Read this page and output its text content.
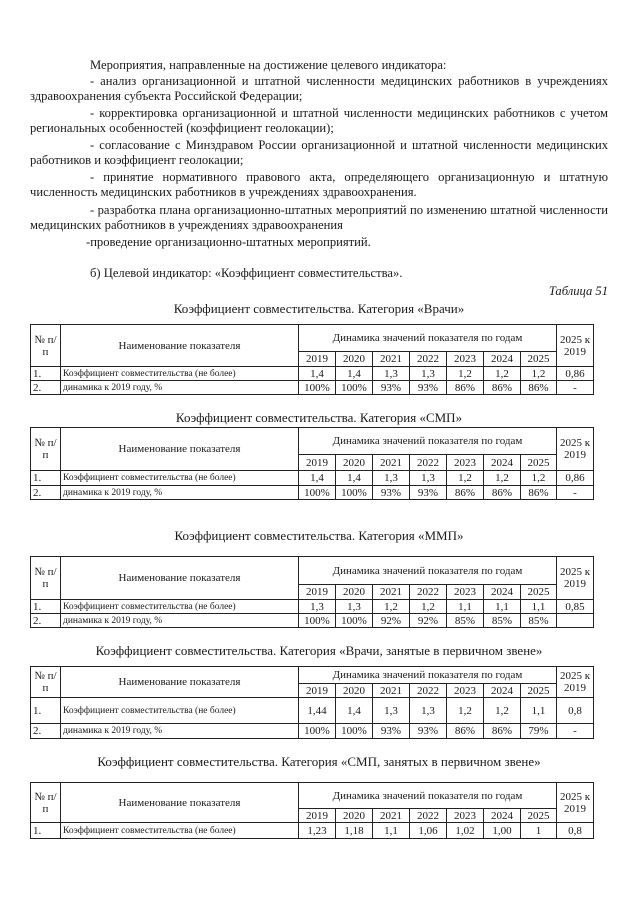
Мероприятия, направленные на достижение целевого индикатора:

- анализ организационной и штатной численности медицинских работников в учреждениях здравоохранения субъекта Российской Федерации;

- корректировка организационной и штатной численности медицинских работников с учетом региональных особенностей (коэффициент геолокации);

- согласование с Минздравом России организационной и штатной численности медицинских работников и коэффициент геолокации;

- принятие нормативного правового акта, определяющего организационную и штатную численность медицинских работников в учреждениях здравоохранения.

- разработка плана организационно-штатных мероприятий по изменению штатной численности медицинских работников в учреждениях здравоохранения

-проведение организационно-штатных мероприятий.

б) Целевой индикатор: «Коэффициент совместительства».

Таблица 51

Коэффициент совместительства. Категория «Врачи»

№ п/п	Наименование показателя	Динамика значений показателя по годам							2025 к 2019
		2019	2020	2021	2022	2023	2024	2025	
1.	Коэффициент совместительства (не более)	1,4	1,4	1,3	1,3	1,2	1,2	1,2	0,86
2.	динамика к 2019 году, %	100%	100%	93%	93%	86%	86%	86%	-

Коэффициент совместительства. Категория «СМП»

№ п/п	Наименование показателя	Динамика значений показателя по годам							2025 к 2019
		2019	2020	2021	2022	2023	2024	2025	
1.	Коэффициент совместительства (не более)	1,4	1,4	1,3	1,3	1,2	1,2	1,2	0,86
2.	динамика к 2019 году, %	100%	100%	93%	93%	86%	86%	86%	-

Коэффициент совместительства. Категория «ММП»

№ п/п	Наименование показателя	Динамика значений показателя по годам							2025 к 2019
		2019	2020	2021	2022	2023	2024	2025	
1.	Коэффициент совместительства (не более)	1,3	1,3	1,2	1,2	1,1	1,1	1,1	0,85
2.	динамика к 2019 году, %	100%	100%	92%	92%	85%	85%	85%	

Коэффициент совместительства. Категория «Врачи, занятые в первичном звене»

№ п/п	Наименование показателя	Динамика значений показателя по годам							2025 к 2019
		2019	2020	2021	2022	2023	2024	2025	
1.	Коэффициент совместительства (не более)	1,44	1,4	1,3	1,3	1,2	1,2	1,1	0,8
2.	динамика к 2019 году, %	100%	100%	93%	93%	86%	86%	79%	-

Коэффициент совместительства. Категория «СМП, занятых в первичном звене»

№ п/п	Наименование показателя	Динамика значений показателя по годам							2025 к 2019
		2019	2020	2021	2022	2023	2024	2025	
1.	Коэффициент совместительства (не более)	1,23	1,18	1,1	1,06	1,02	1,00	1	0,8
